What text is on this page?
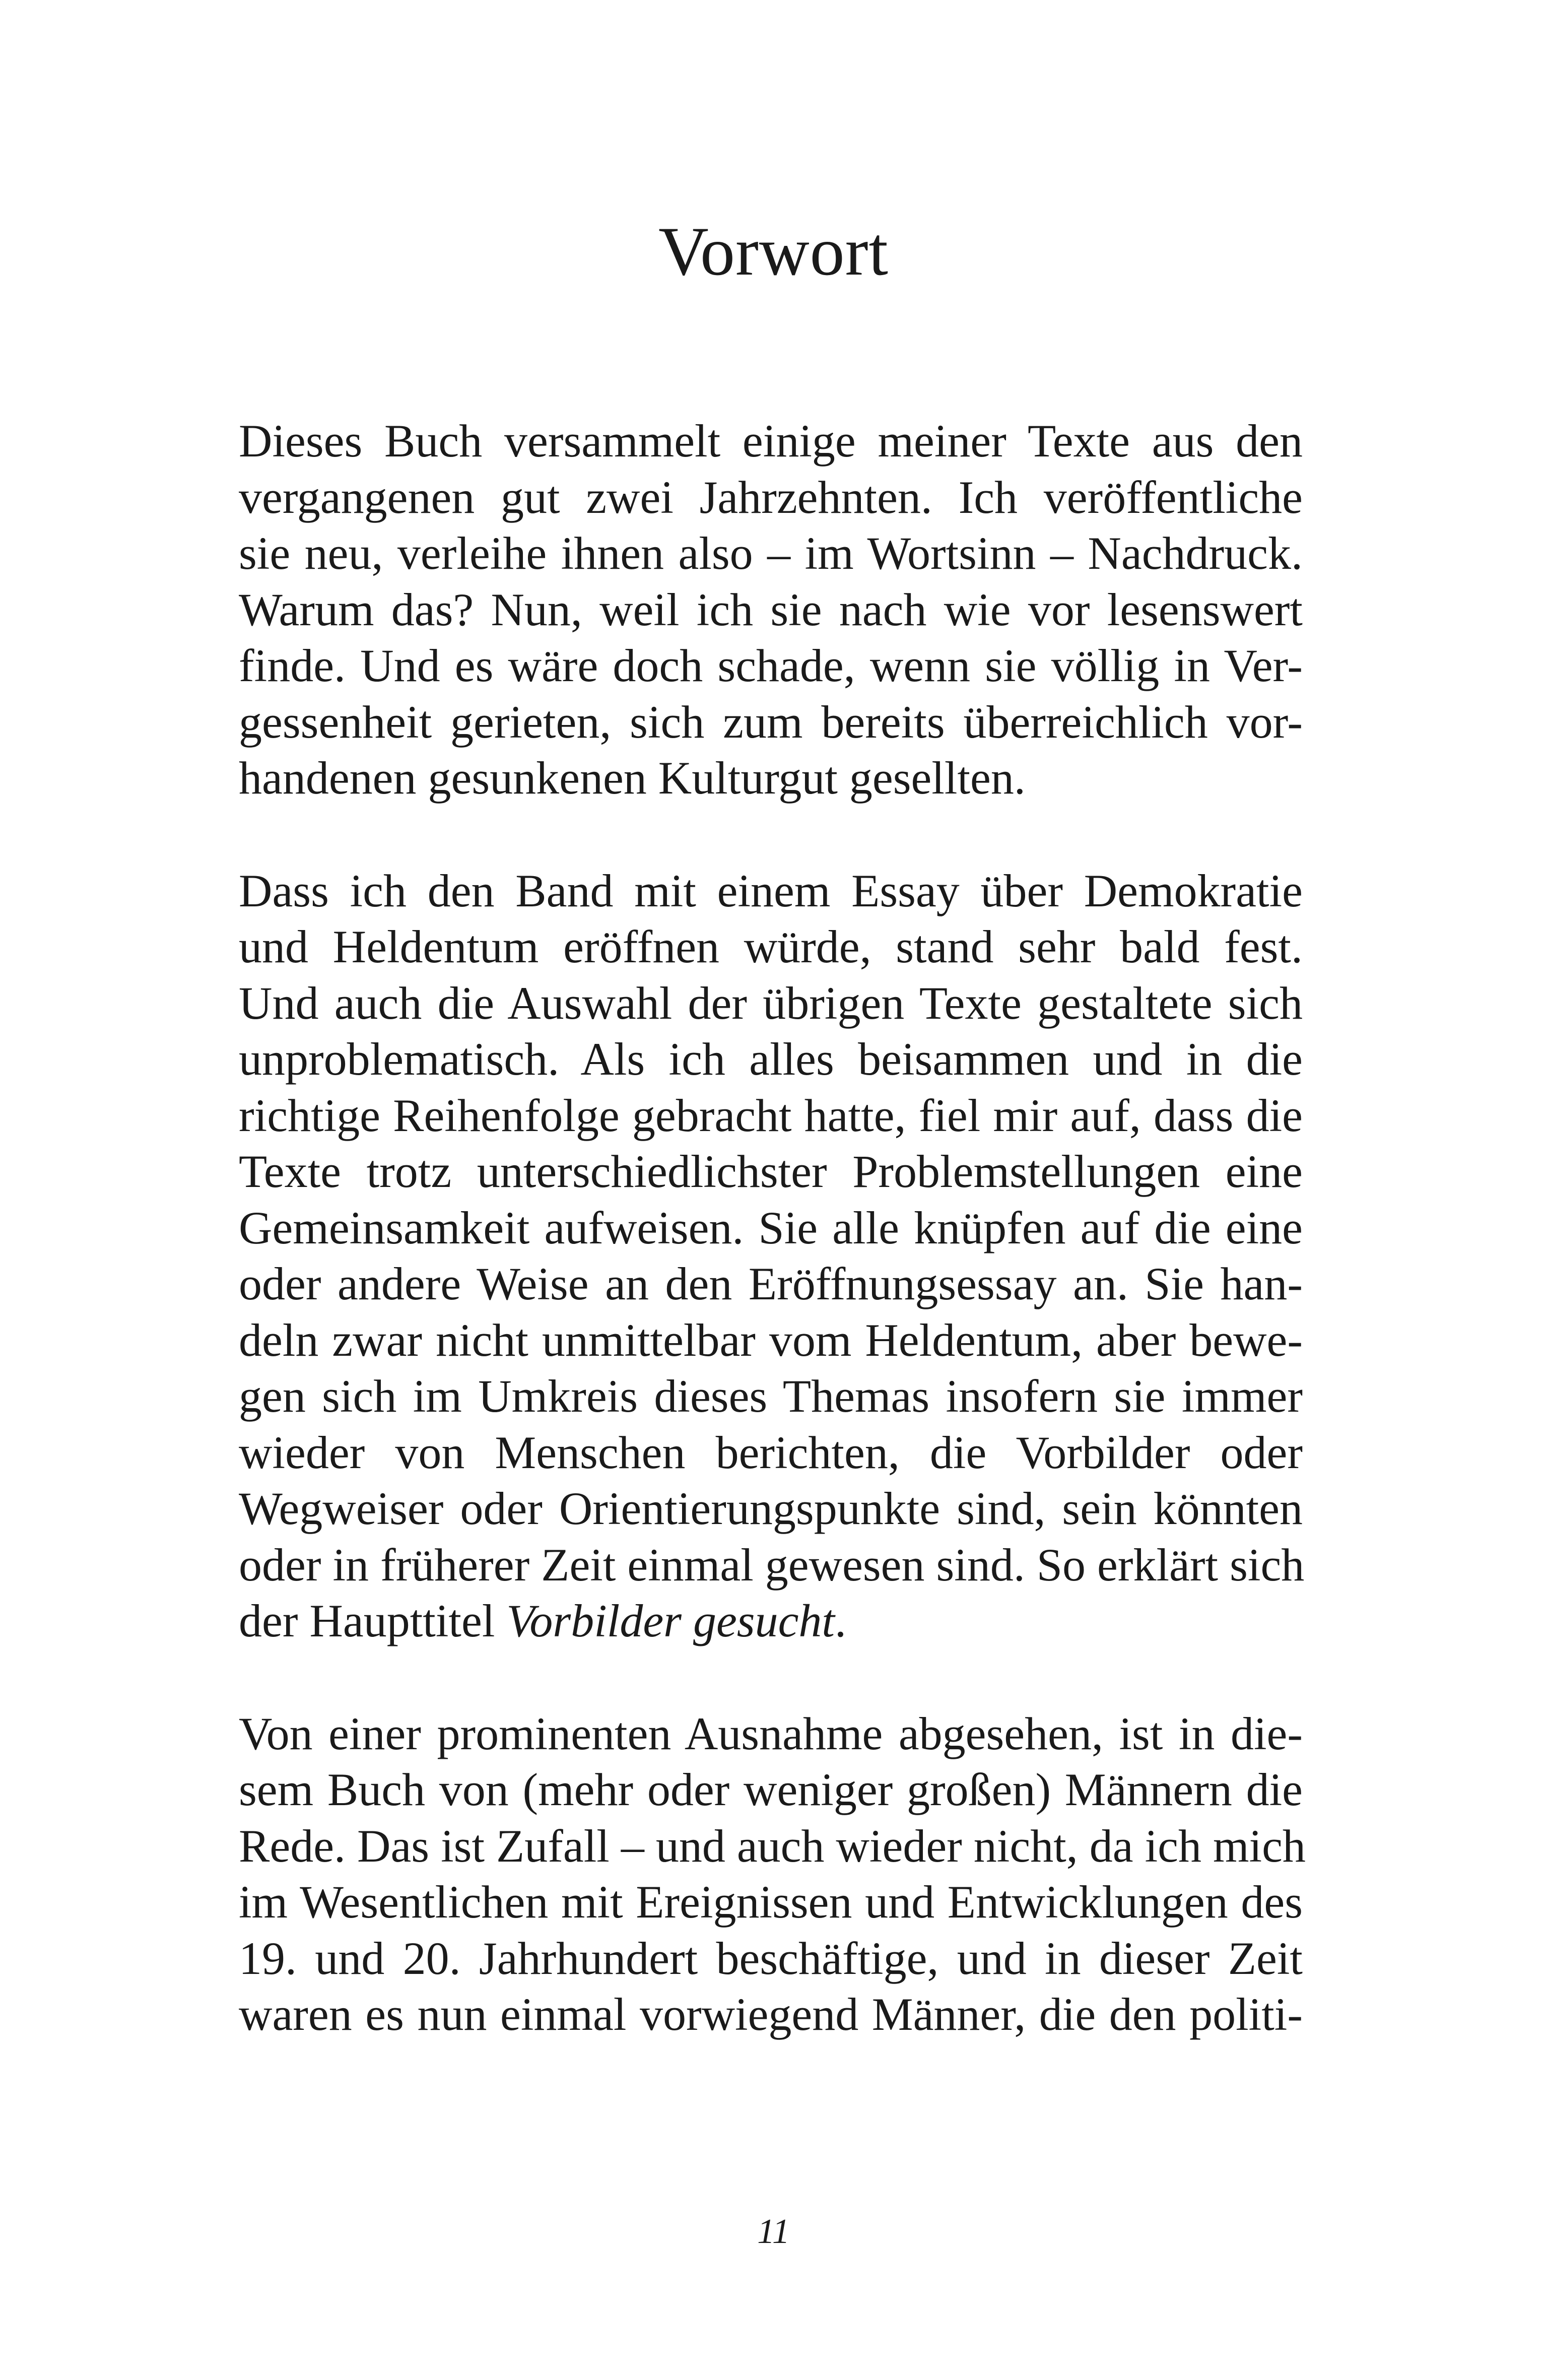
Vorwort
Dieses Buch versammelt einige meiner Texte aus den
vergangenen gut zwei Jahrzehnten. Ich veröffentliche
sie neu, verleihe ihnen also – im Wortsinn – Nachdruck.
Warum das? Nun, weil ich sie nach wie vor lesenswert
finde. Und es wäre doch schade, wenn sie völlig in Ver-
gessenheit gerieten, sich zum bereits überreichlich vor-
handenen gesunkenen Kulturgut gesellten.
Dass ich den Band mit einem Essay über Demokratie
und Heldentum eröffnen würde, stand sehr bald fest.
Und auch die Auswahl der übrigen Texte gestaltete sich
unproblematisch. Als ich alles beisammen und in die
richtige Reihenfolge gebracht hatte, fiel mir auf, dass die
Texte trotz unterschiedlichster Problemstellungen eine
Gemeinsamkeit aufweisen. Sie alle knüpfen auf die eine
oder andere Weise an den Eröffnungsessay an. Sie han-
deln zwar nicht unmittelbar vom Heldentum, aber bewe-
gen sich im Umkreis dieses Themas insofern sie immer
wieder von Menschen berichten, die Vorbilder oder
Wegweiser oder Orientierungspunkte sind, sein könnten
oder in früherer Zeit einmal gewesen sind. So erklärt sich
der Haupttitel Vorbilder gesucht.
Von einer prominenten Ausnahme abgesehen, ist in die-
sem Buch von (mehr oder weniger großen) Männern die
Rede. Das ist Zufall – und auch wieder nicht, da ich mich
im Wesentlichen mit Ereignissen und Entwicklungen des
19. und 20. Jahrhundert beschäftige, und in dieser Zeit
waren es nun einmal vorwiegend Männer, die den politi-
11
